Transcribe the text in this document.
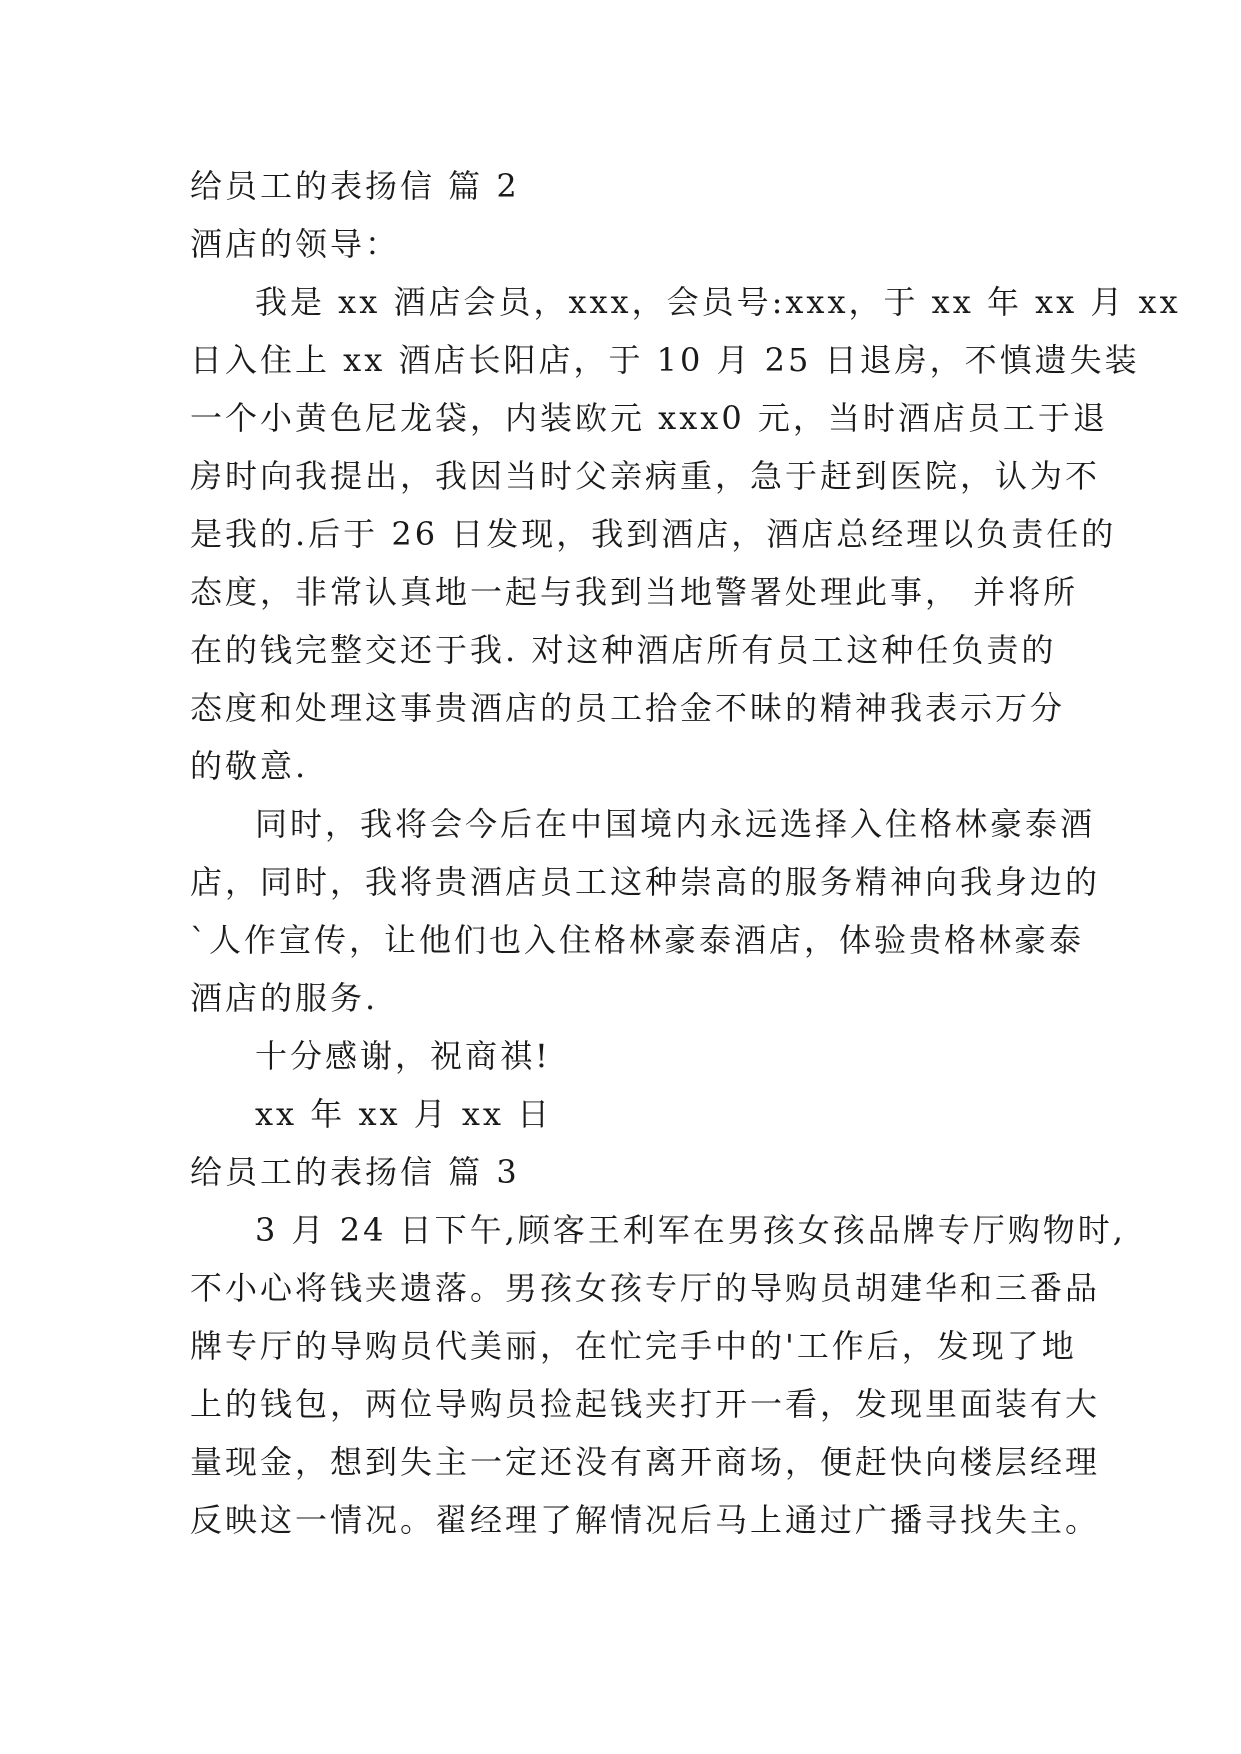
给员工的表扬信 篇 2
酒店的领导：
我是 xx 酒店会员，xxx，会员号:xxx，于 xx 年 xx 月 xx
日入住上 xx 酒店长阳店，于 10 月 25 日退房，不慎遗失装
一个小黄色尼龙袋，内装欧元 xxx0 元，当时酒店员工于退
房时向我提出，我因当时父亲病重，急于赶到医院，认为不
是我的.后于 26 日发现，我到酒店，酒店总经理以负责任的
态度，非常认真地一起与我到当地警署处理此事， 并将所
在的钱完整交还于我. 对这种酒店所有员工这种任负责的
态度和处理这事贵酒店的员工拾金不昧的精神我表示万分
的敬意.
同时，我将会今后在中国境内永远选择入住格林豪泰酒
店，同时，我将贵酒店员工这种崇高的服务精神向我身边的
`人作宣传，让他们也入住格林豪泰酒店，体验贵格林豪泰
酒店的服务.
十分感谢，祝商祺!
xx 年 xx 月 xx 日
给员工的表扬信 篇 3
3 月 24 日下午,顾客王利军在男孩女孩品牌专厅购物时,
不小心将钱夹遗落。男孩女孩专厅的导购员胡建华和三番品
牌专厅的导购员代美丽，在忙完手中的'工作后，发现了地
上的钱包，两位导购员捡起钱夹打开一看，发现里面装有大
量现金，想到失主一定还没有离开商场，便赶快向楼层经理
反映这一情况。翟经理了解情况后马上通过广播寻找失主。
